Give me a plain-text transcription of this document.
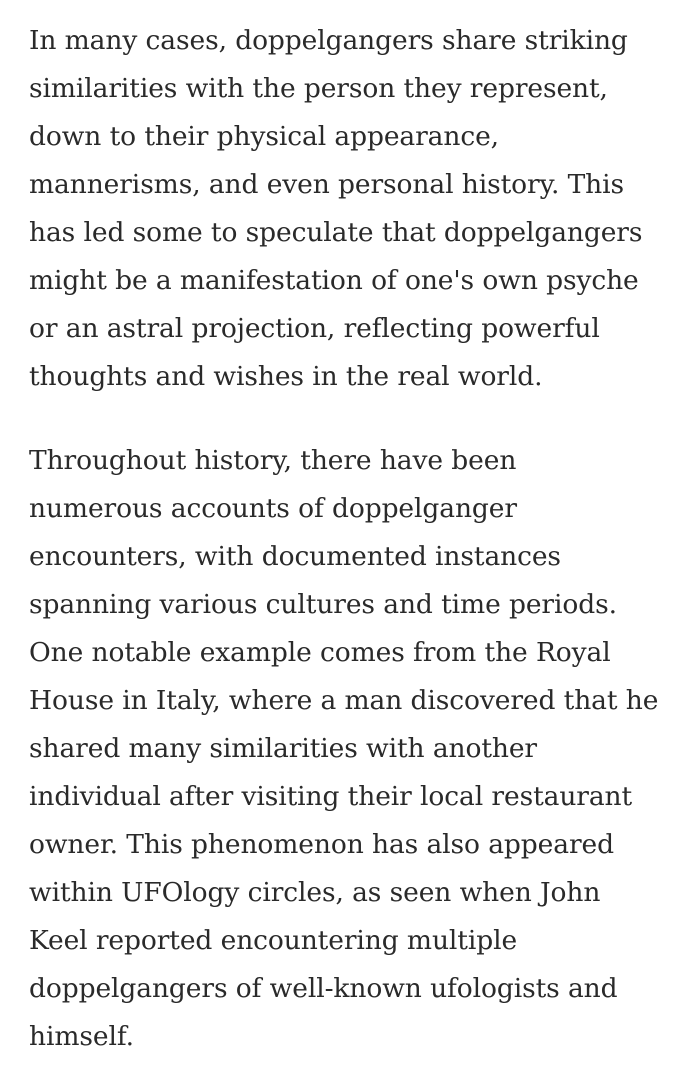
In many cases, doppelgangers share striking
similarities with the person they represent,
down to their physical appearance,
mannerisms, and even personal history. This
has led some to speculate that doppelgangers
might be a manifestation of one's own psyche
or an astral projection, reflecting powerful
thoughts and wishes in the real world.

Throughout history, there have been
numerous accounts of doppelganger
encounters, with documented instances
spanning various cultures and time periods.
One notable example comes from the Royal
House in Italy, where a man discovered that he
shared many similarities with another
individual after visiting their local restaurant
owner. This phenomenon has also appeared
within UFOlogy circles, as seen when John
Keel reported encountering multiple
doppelgangers of well-known ufologists and
himself.
